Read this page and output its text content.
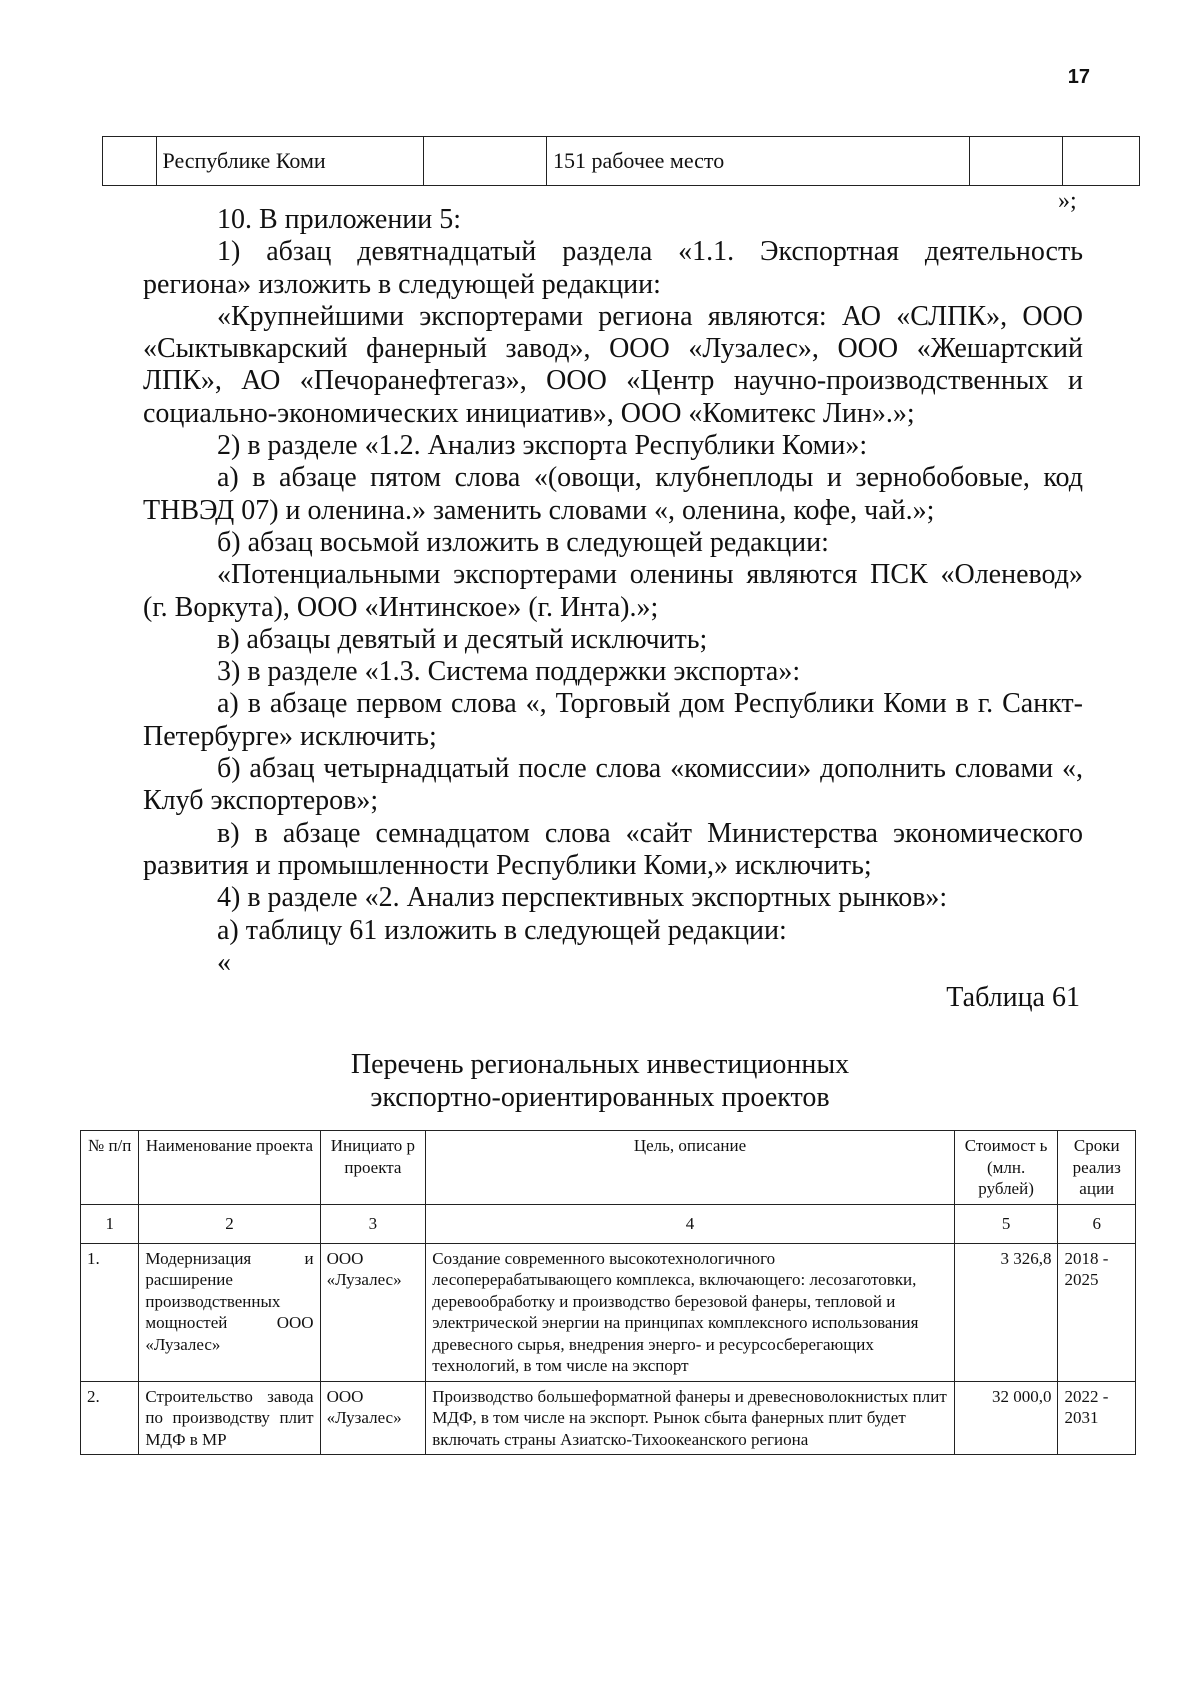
17
	Республике Коми		151 рабочее место		
»;

10. В приложении 5:

1) абзац девятнадцатый раздела «1.1. Экспортная деятельность региона» изложить в следующей редакции:

«Крупнейшими экспортерами региона являются: АО «СЛПК», ООО «Сыктывкарский фанерный завод», ООО «Лузалес», ООО «Жешартский ЛПК», АО «Печоранефтегаз», ООО «Центр научно-производственных и социально-экономических инициатив», ООО «Комитекс Лин».»;

2) в разделе «1.2. Анализ экспорта Республики Коми»:

а) в абзаце пятом слова «(овощи, клубнеплоды и зернобобовые, код ТНВЭД 07) и оленина.» заменить словами «, оленина, кофе, чай.»;

б) абзац восьмой изложить в следующей редакции:

«Потенциальными экспортерами оленины являются ПСК «Оленевод» (г. Воркута), ООО «Интинское» (г. Инта).»;

в) абзацы девятый и десятый исключить;

3) в разделе «1.3. Система поддержки экспорта»:

а) в абзаце первом слова «, Торговый дом Республики Коми в г. Санкт-Петербурге» исключить;

б) абзац четырнадцатый после слова «комиссии» дополнить словами «, Клуб экспортеров»;

в) в абзаце семнадцатом слова «сайт Министерства экономического развития и промышленности Республики Коми,» исключить;

4) в разделе «2. Анализ перспективных экспортных рынков»:

а) таблицу 61 изложить в следующей редакции:

«

Таблица 61
Перечень региональных инвестиционных
экспортно-ориентированных проектов
№ п/п	Наименование проекта	Инициато р проекта	Цель, описание	Стоимост ь (млн. рублей)	Сроки реализ ации
1	2	3	4	5	6
1.	Модернизация и расширение производственных мощностей ООО «Лузалес»	ООО «Лузалес»	Создание современного высокотехнологичного лесоперерабатывающего комплекса, включающего: лесозаготовки, деревообработку и производство березовой фанеры, тепловой и электрической энергии на принципах комплексного использования древесного сырья, внедрения энерго- и ресурсосберегающих технологий, в том числе на экспорт	3 326,8	2018 - 2025
2.	Строительство завода по производству плит МДФ в МР	ООО «Лузалес»	Производство большеформатной фанеры и древесноволокнистых плит МДФ, в том числе на экспорт. Рынок сбыта фанерных плит будет включать страны Азиатско-Тихоокеанского региона	32 000,0	2022 - 2031
